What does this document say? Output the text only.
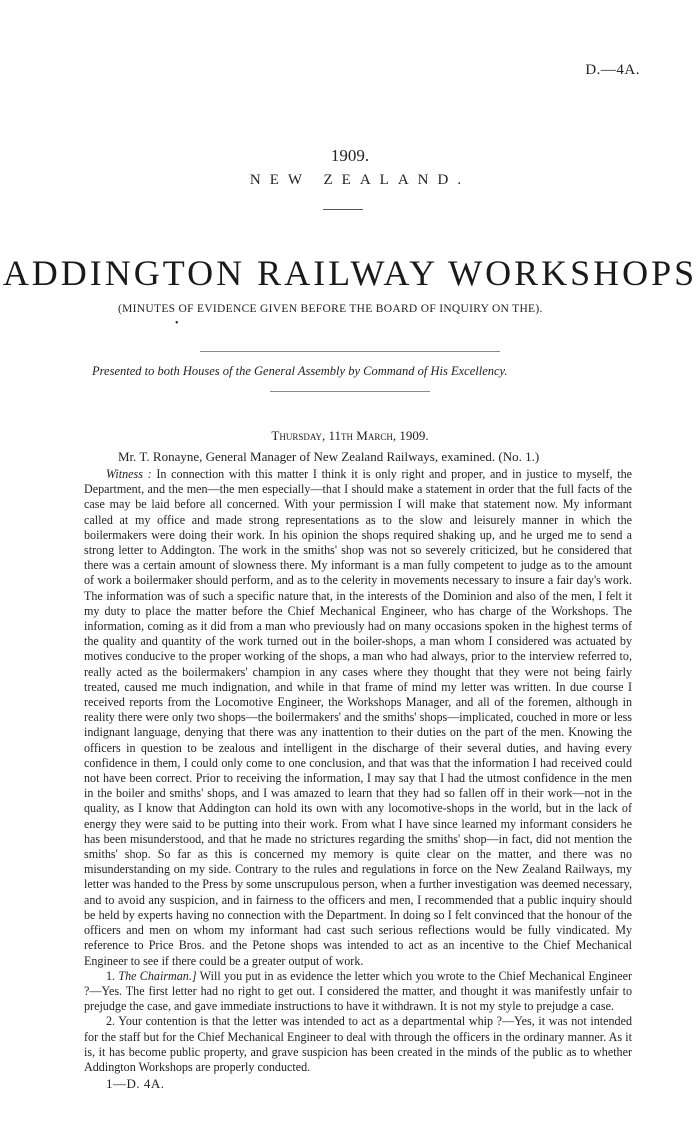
D.—4A.
1909.
NEW ZEALAND.
ADDINGTON RAILWAY WORKSHOPS
(MINUTES OF EVIDENCE GIVEN BEFORE THE BOARD OF INQUIRY ON THE).
•
Presented to both Houses of the General Assembly by Command of His Excellency.
Thursday, 11th March, 1909.
Mr. T. Ronayne, General Manager of New Zealand Railways, examined. (No. 1.)

Witness : In connection with this matter I think it is only right and proper, and in justice to myself, the Department, and the men—the men especially—that I should make a statement in order that the full facts of the case may be laid before all concerned. With your permission I will make that statement now. My informant called at my office and made strong representations as to the slow and leisurely manner in which the boilermakers were doing their work. In his opinion the shops required shaking up, and he urged me to send a strong letter to Addington. The work in the smiths' shop was not so severely criticized, but he considered that there was a certain amount of slowness there. My informant is a man fully competent to judge as to the amount of work a boilermaker should perform, and as to the celerity in movements necessary to insure a fair day's work. The information was of such a specific nature that, in the interests of the Dominion and also of the men, I felt it my duty to place the matter before the Chief Mechanical Engineer, who has charge of the Workshops. The information, coming as it did from a man who previously had on many occasions spoken in the highest terms of the quality and quantity of the work turned out in the boiler-shops, a man whom I considered was actuated by motives conducive to the proper working of the shops, a man who had always, prior to the interview referred to, really acted as the boilermakers' champion in any cases where they thought that they were not being fairly treated, caused me much indignation, and while in that frame of mind my letter was written. In due course I received reports from the Locomotive Engineer, the Workshops Manager, and all of the foremen, although in reality there were only two shops—the boilermakers' and the smiths' shops—implicated, couched in more or less indignant language, denying that there was any inattention to their duties on the part of the men. Knowing the officers in question to be zealous and intelligent in the discharge of their several duties, and having every confidence in them, I could only come to one conclusion, and that was that the information I had received could not have been correct. Prior to receiving the information, I may say that I had the utmost confidence in the men in the boiler and smiths' shops, and I was amazed to learn that they had so fallen off in their work—not in the quality, as I know that Addington can hold its own with any locomotive-shops in the world, but in the lack of energy they were said to be putting into their work. From what I have since learned my informant considers he has been misunderstood, and that he made no strictures regarding the smiths' shop—in fact, did not mention the smiths' shop. So far as this is concerned my memory is quite clear on the matter, and there was no misunderstanding on my side. Contrary to the rules and regulations in force on the New Zealand Railways, my letter was handed to the Press by some unscrupulous person, when a further investigation was deemed necessary, and to avoid any suspicion, and in fairness to the officers and men, I recommended that a public inquiry should be held by experts having no connection with the Department. In doing so I felt convinced that the honour of the officers and men on whom my informant had cast such serious reflections would be fully vindicated. My reference to Price Bros. and the Petone shops was intended to act as an incentive to the Chief Mechanical Engineer to see if there could be a greater output of work.

1. The Chairman.] Will you put in as evidence the letter which you wrote to the Chief Mechanical Engineer ?—Yes. The first letter had no right to get out. I considered the matter, and thought it was manifestly unfair to prejudge the case, and gave immediate instructions to have it withdrawn. It is not my style to prejudge a case.

2. Your contention is that the letter was intended to act as a departmental whip ?—Yes, it was not intended for the staff but for the Chief Mechanical Engineer to deal with through the officers in the ordinary manner. As it is, it has become public property, and grave suspicion has been created in the minds of the public as to whether Addington Workshops are properly conducted.

1—D. 4A.
